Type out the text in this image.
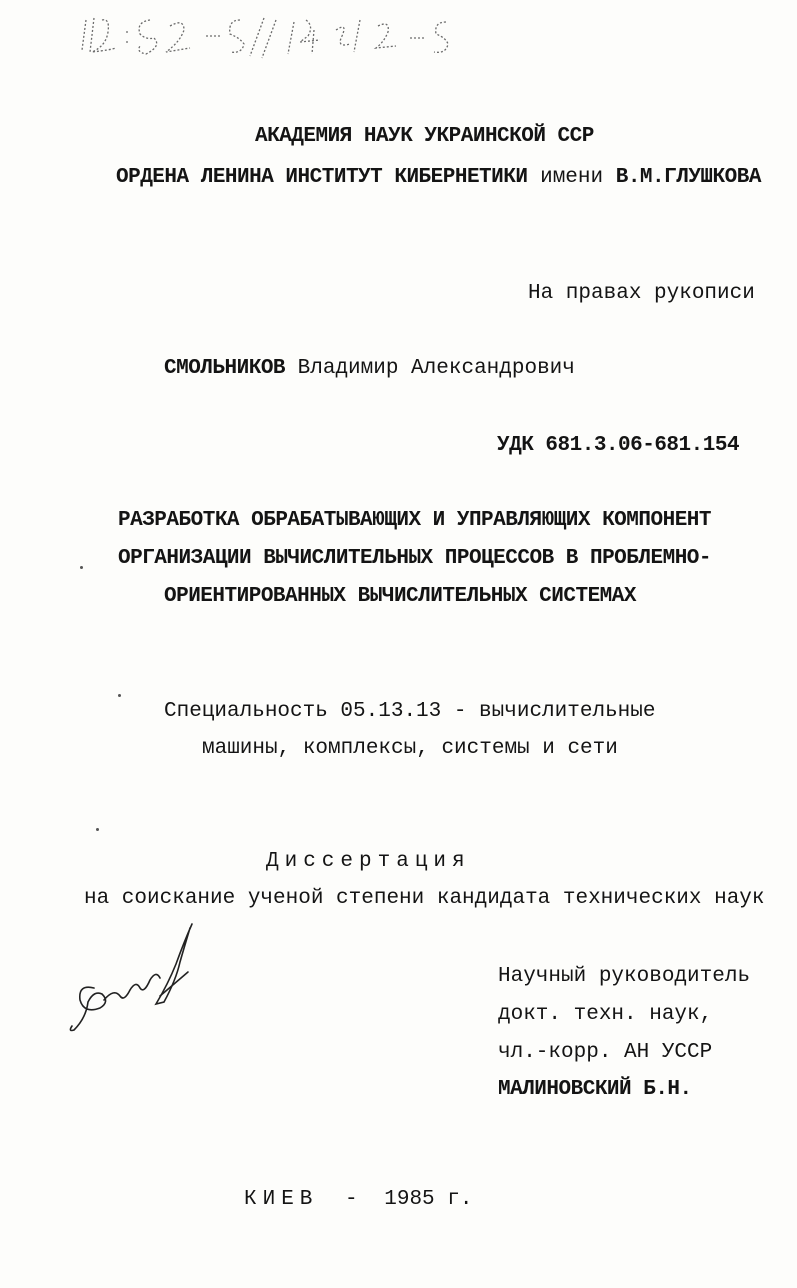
АКАДЕМИЯ НАУК УКРАИНСКОЙ ССР
ОРДЕНА ЛЕНИНА ИНСТИТУТ КИБЕРНЕТИКИ имени В.М.ГЛУШКОВА
На правах рукописи
СМОЛЬНИКОВ Владимир Александрович
УДК 681.3.06-681.154
РАЗРАБОТКА ОБРАБАТЫВАЮЩИХ И УПРАВЛЯЮЩИХ КОМПОНЕНТ
ОРГАНИЗАЦИИ ВЫЧИСЛИТЕЛЬНЫХ ПРОЦЕССОВ В ПРОБЛЕМНО-
ОРИЕНТИРОВАННЫХ ВЫЧИСЛИТЕЛЬНЫХ СИСТЕМАХ
Специальность 05.13.13 - вычислительные
машины, комплексы, системы и сети
Диссертация
на соискание ученой степени кандидата технических наук
Научный руководитель
докт. техн. наук,
чл.-корр. АН УССР
МАЛИНОВСКИЙ Б.Н.
КИЕВ - 1985 г.
